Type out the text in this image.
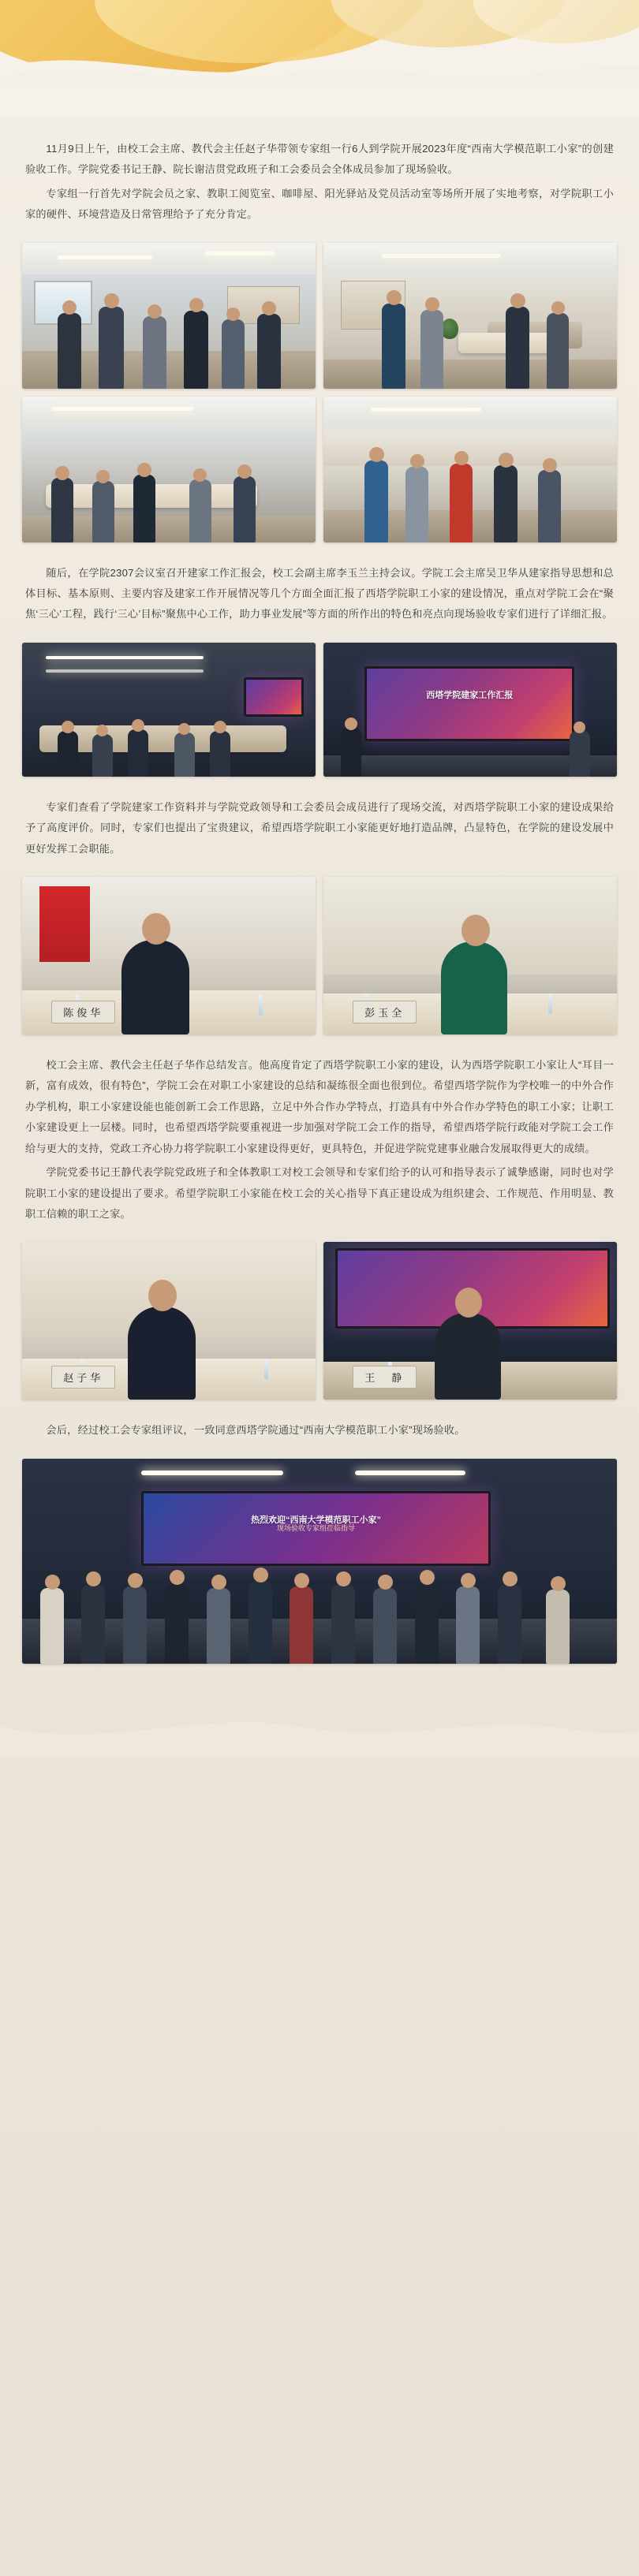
11月9日上午，由校工会主席、教代会主任赵子华带领专家组一行6人到学院开展2023年度“西南大学模范职工小家”的创建验收工作。学院党委书记王静、院长谢洁贯党政班子和工会委员会全体成员参加了现场验收。

专家组一行首先对学院会员之家、教职工阅览室、咖啡屋、阳光驿站及党员活动室等场所开展了实地考察，对学院职工小家的硬件、环境营造及日常管理给予了充分肯定。

随后，在学院2307会议室召开建家工作汇报会，校工会副主席李玉兰主持会议。学院工会主席吴卫华从建家指导思想和总体目标、基本原则、主要内容及建家工作开展情况等几个方面全面汇报了西塔学院职工小家的建设情况，重点对学院工会在“聚焦‘三心’工程，践行‘三心’目标”聚焦中心工作，助力事业发展”等方面的所作出的特色和亮点向现场验收专家们进行了详细汇报。

西塔学院建家工作汇报

专家们查看了学院建家工作资料并与学院党政领导和工会委员会成员进行了现场交流，对西塔学院职工小家的建设成果给予了高度评价。同时，专家们也提出了宝贵建议，希望西塔学院职工小家能更好地打造品牌，凸显特色，在学院的建设发展中更好发挥工会职能。

陈俊华	彭玉全

校工会主席、教代会主任赵子华作总结发言。他高度肯定了西塔学院职工小家的建设，认为西塔学院职工小家让人“耳目一新，富有成效，很有特色”，学院工会在对职工小家建设的总结和凝练很全面也很到位。希望西塔学院作为学校唯一的中外合作办学机构，职工小家建设能也能创新工会工作思路，立足中外合作办学特点，打造具有中外合作办学特色的职工小家；让职工小家建设更上一层楼。同时，也希望西塔学院要重视进一步加强对学院工会工作的指导，希望西塔学院行政能对学院工会工作给与更大的支持，党政工齐心协力将学院职工小家建设得更好，更具特色，并促进学院党建事业融合发展取得更大的成绩。

学院党委书记王静代表学院党政班子和全体教职工对校工会领导和专家们给予的认可和指导表示了诚挚感谢，同时也对学院职工小家的建设提出了要求。希望学院职工小家能在校工会的关心指导下真正建设成为组织建会、工作规范、作用明显、教职工信赖的职工之家。

赵子华	王　静

会后，经过校工会专家组评议，一致同意西塔学院通过“西南大学模范职工小家”现场验收。

热烈欢迎“西南大学模范职工小家”
现场验收专家组莅临指导
